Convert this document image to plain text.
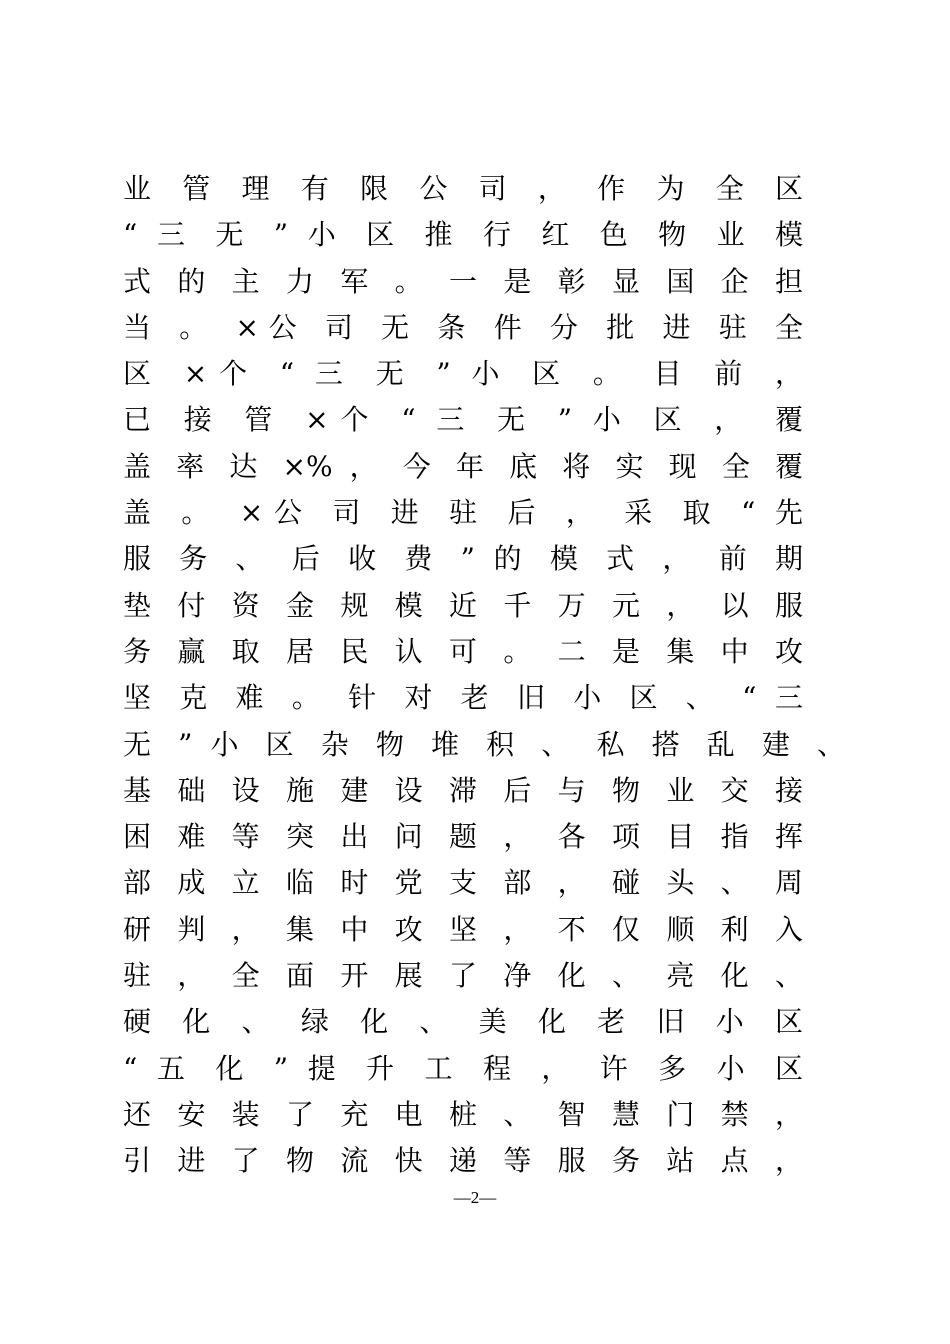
业 管 理 有 限 公 司 ， 作 为 全 区
“ 三 无 ” 小 区 推 行 红 色 物 业 模
式 的 主 力 军 。 一 是 彰 显 国 企 担
当 。 ×公 司 无 条 件 分 批 进 驻 全
区 ×个 “ 三 无 ” 小 区 。 目 前 ，
已 接 管 ×个 “ 三 无 ” 小 区 ， 覆
盖 率 达 ×% ， 今 年 底 将 实 现 全 覆
盖 。 ×公 司 进 驻 后 ， 采 取 “ 先
服 务 、 后 收 费 ” 的 模 式 ， 前 期
垫 付 资 金 规 模 近 千 万 元 ， 以 服
务 赢 取 居 民 认 可 。 二 是 集 中 攻
坚 克 难 。 针 对 老 旧 小 区 、 “ 三
无 ” 小 区 杂 物 堆 积 、 私 搭 乱 建 、
基 础 设 施 建 设 滞 后 与 物 业 交 接
困 难 等 突 出 问 题 ， 各 项 目 指 挥
部 成 立 临 时 党 支 部 ， 碰 头 、 周
研 判 ， 集 中 攻 坚 ， 不 仅 顺 利 入
驻 ， 全 面 开 展 了 净 化 、 亮 化 、
硬 化 、 绿 化 、 美 化 老 旧 小 区
“ 五 化 ” 提 升 工 程 ， 许 多 小 区
还 安 装 了 充 电 桩 、 智 慧 门 禁 ，
引 进 了 物 流 快 递 等 服 务 站 点 ，
—2—
